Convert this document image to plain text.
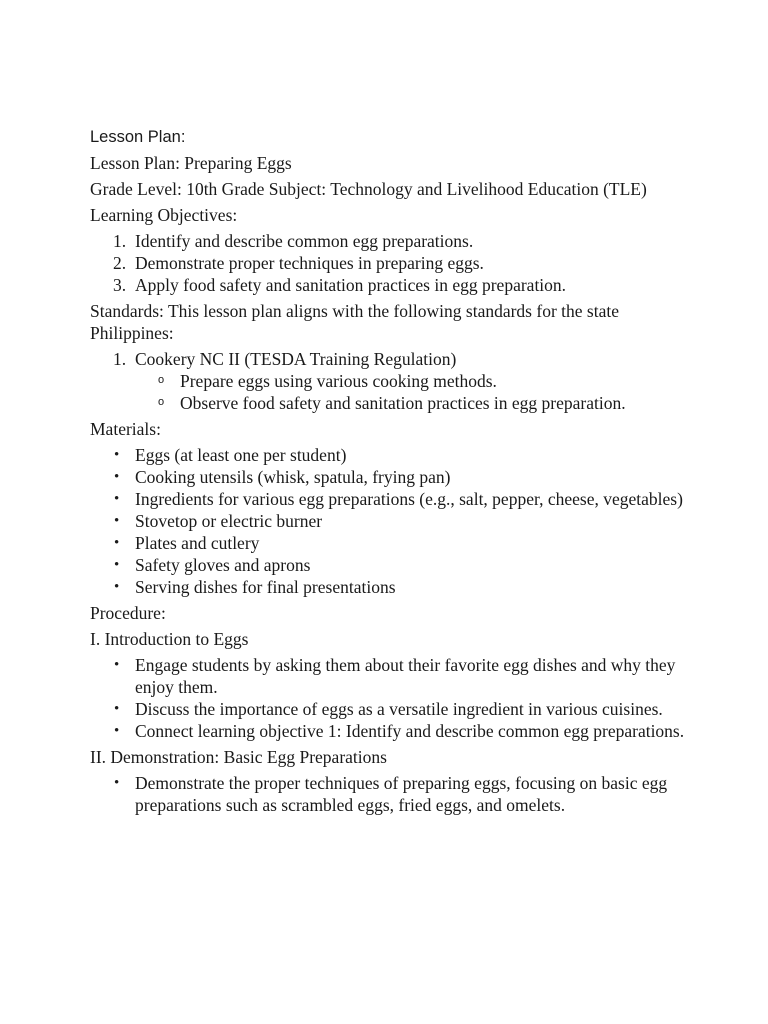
Lesson Plan:

Lesson Plan: Preparing Eggs

Grade Level: 10th Grade Subject: Technology and Livelihood Education (TLE)

Learning Objectives:

Identify and describe common egg preparations.
Demonstrate proper techniques in preparing eggs.
Apply food safety and sanitation practices in egg preparation.

Standards: This lesson plan aligns with the following standards for the state Philippines:

Cookery NC II (TESDA Training Regulation)
o Prepare eggs using various cooking methods.
o Observe food safety and sanitation practices in egg preparation.

Materials:

• Eggs (at least one per student)
• Cooking utensils (whisk, spatula, frying pan)
• Ingredients for various egg preparations (e.g., salt, pepper, cheese, vegetables)
• Stovetop or electric burner
• Plates and cutlery
• Safety gloves and aprons
• Serving dishes for final presentations

Procedure:

I. Introduction to Eggs

• Engage students by asking them about their favorite egg dishes and why they enjoy them.
• Discuss the importance of eggs as a versatile ingredient in various cuisines.
• Connect learning objective 1: Identify and describe common egg preparations.

II. Demonstration: Basic Egg Preparations

• Demonstrate the proper techniques of preparing eggs, focusing on basic egg preparations such as scrambled eggs, fried eggs, and omelets.
